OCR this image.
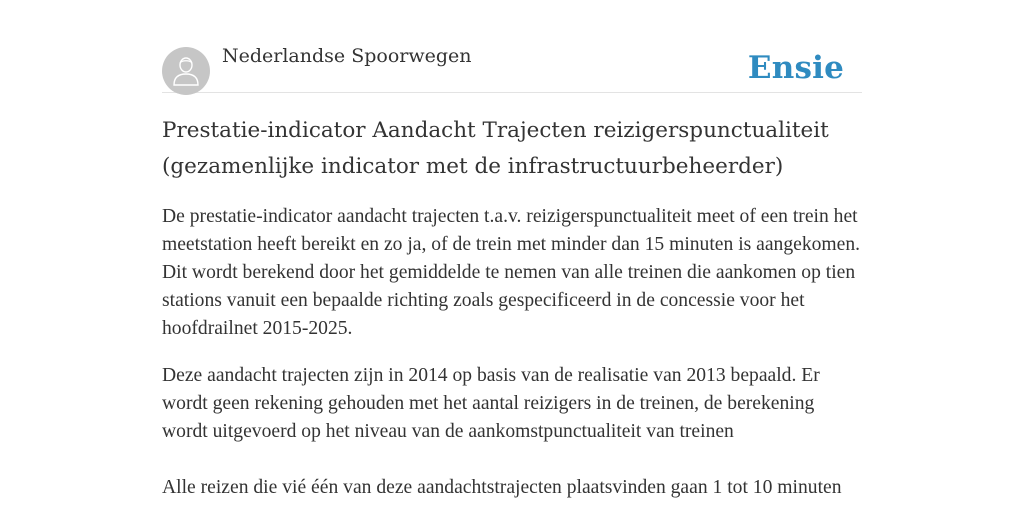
Nederlandse Spoorwegen	Ensie
Prestatie-indicator Aandacht Trajecten reizigerspunctualiteit (gezamenlijke indicator met de infrastructuurbeheerder)

De prestatie-indicator aandacht trajecten t.a.v. reizigerspunctualiteit meet of een trein het meetstation heeft bereikt en zo ja, of de trein met minder dan 15 minuten is aangekomen. Dit wordt berekend door het gemiddelde te nemen van alle treinen die aankomen op tien stations vanuit een bepaalde richting zoals gespecificeerd in de concessie voor het hoofdrailnet 2015-2025.

Deze aandacht trajecten zijn in 2014 op basis van de realisatie van 2013 bepaald. Er wordt geen rekening gehouden met het aantal reizigers in de treinen, de berekening wordt uitgevoerd op het niveau van de aankomstpunctualiteit van treinen

Alle reizen die vié één van deze aandachtstrajecten plaatsvinden gaan 1 tot 10 minuten
